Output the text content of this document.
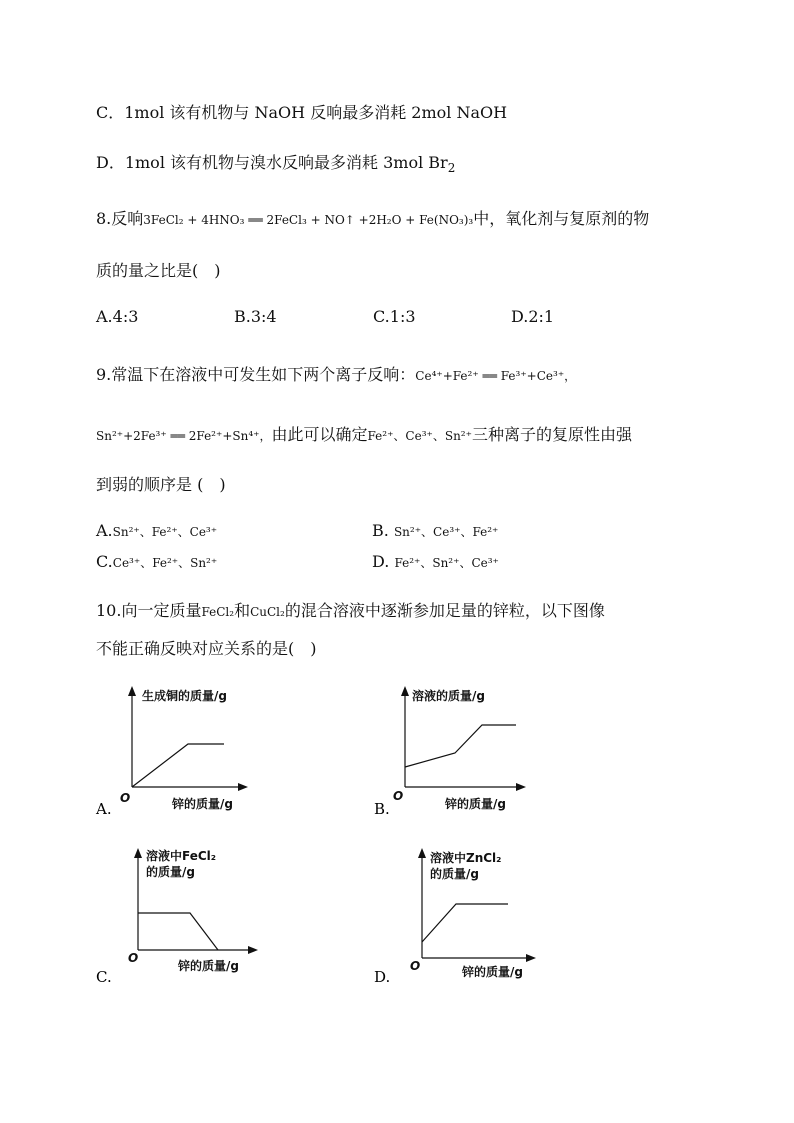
C．1mol 该有机物与 NaOH 反响最多消耗 2mol NaOH
D．1mol 该有机物与溴水反响最多消耗 3mol $Br_2$
8.反响3FeCl₂ + 4HNO₃ ══ 2FeCl₃ + NO↑ +2H₂O + Fe(NO₃)₃中，氧化剂与复原剂的物
质的量之比是(　)
A.4:3	B.3:4	C.1:3	D.2:1
9.常温下在溶液中可发生如下两个离子反响：Ce⁴⁺+Fe²⁺ ══ Fe³⁺+Ce³⁺，
Sn²⁺+2Fe³⁺ ══ 2Fe²⁺+Sn⁴⁺，由此可以确定Fe²⁺、Ce³⁺、Sn²⁺三种离子的复原性由强
到弱的顺序是 (　)
A.Sn²⁺、Fe²⁺、Ce³⁺	B. Sn²⁺、Ce³⁺、Fe²⁺
C.Ce³⁺、Fe²⁺、Sn²⁺	D. Fe²⁺、Sn²⁺、Ce³⁺
10.向一定质量FeCl₂和CuCl₂的混合溶液中逐渐参加足量的锌粒，以下图像
不能正确反映对应关系的是(　)
A.
生成铜的质量/g
锌的质量/g
O
B.
溶液的质量/g
锌的质量/g
O
C.
溶液中FeCl₂
的质量/g
锌的质量/g
O
D.
溶液中ZnCl₂
的质量/g
锌的质量/g
O
